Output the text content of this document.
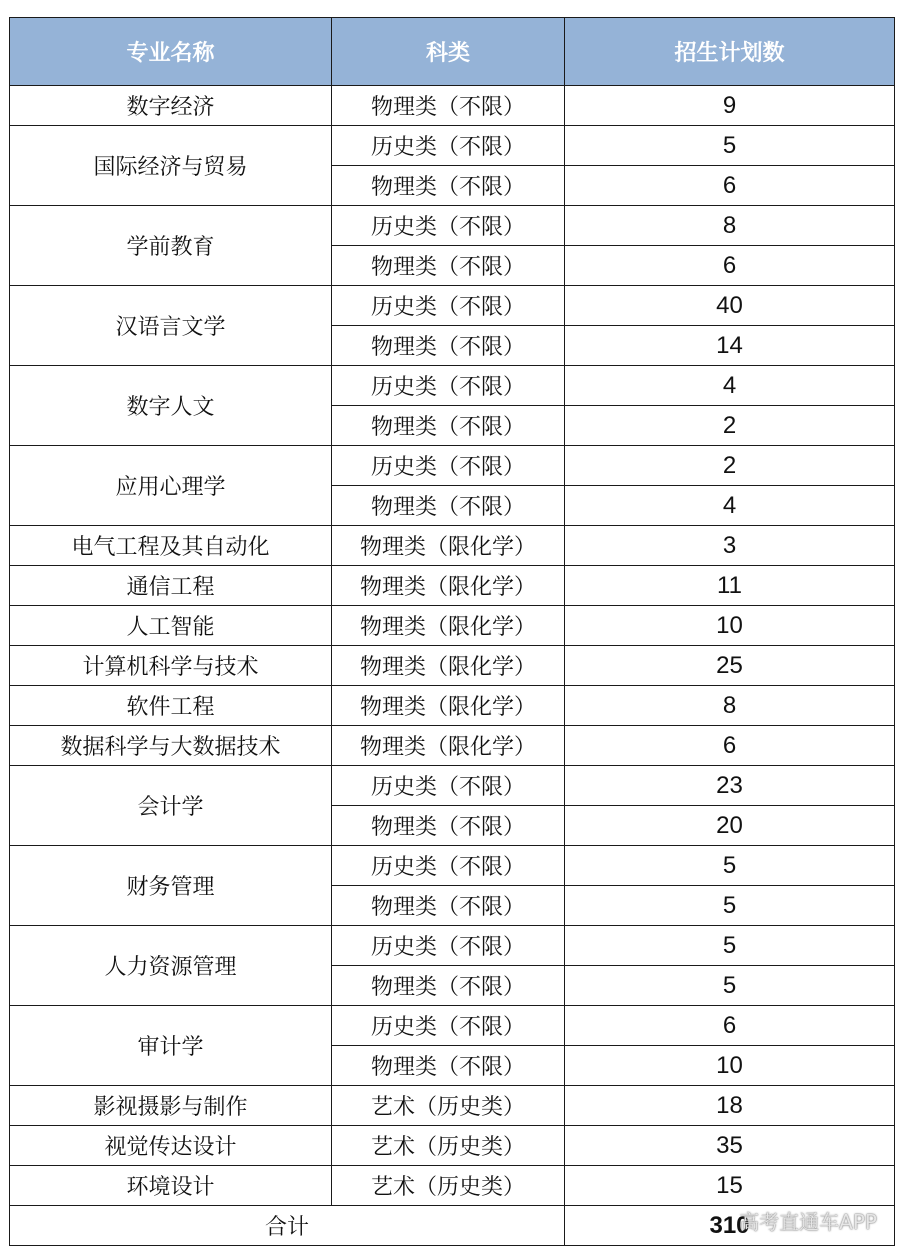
专业名称	科类	招生计划数
数字经济	物理类（不限）	9
国际经济与贸易	历史类（不限）	5
	物理类（不限）	6
学前教育	历史类（不限）	8
	物理类（不限）	6
汉语言文学	历史类（不限）	40
	物理类（不限）	14
数字人文	历史类（不限）	4
	物理类（不限）	2
应用心理学	历史类（不限）	2
	物理类（不限）	4
电气工程及其自动化	物理类（限化学）	3
通信工程	物理类（限化学）	11
人工智能	物理类（限化学）	10
计算机科学与技术	物理类（限化学）	25
软件工程	物理类（限化学）	8
数据科学与大数据技术	物理类（限化学）	6
会计学	历史类（不限）	23
	物理类（不限）	20
财务管理	历史类（不限）	5
	物理类（不限）	5
人力资源管理	历史类（不限）	5
	物理类（不限）	5
审计学	历史类（不限）	6
	物理类（不限）	10
影视摄影与制作	艺术（历史类）	18
视觉传达设计	艺术（历史类）	35
环境设计	艺术（历史类）	15
合计		310
高考直通车APP
